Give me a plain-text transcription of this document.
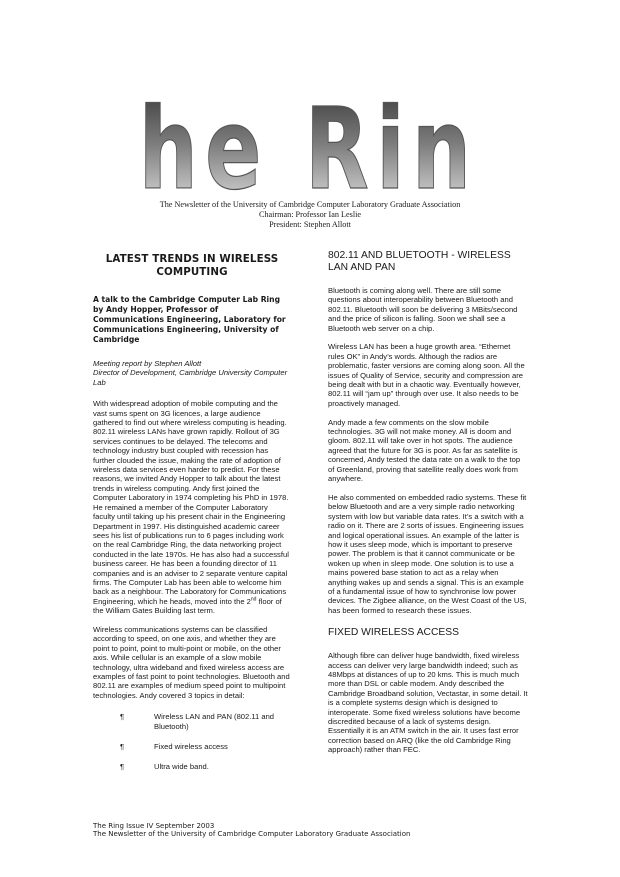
he Rin
The Newsletter of the University of Cambridge Computer Laboratory Graduate Association
Chairman: Professor Ian Leslie
President: Stephen Allott
LATEST TRENDS IN WIRELESS COMPUTING
A talk to the Cambridge Computer Lab Ring by Andy Hopper, Professor of Communications Engineering, Laboratory for Communications Engineering, University of Cambridge
Meeting report by Stephen Allott
Director of Development, Cambridge University Computer Lab

With widespread adoption of mobile computing and the vast sums spent on 3G licences, a large audience gathered to find out where wireless computing is heading. 802.11 wireless LANs have grown rapidly. Rollout of 3G services continues to be delayed. The telecoms and technology industry bust coupled with recession has further clouded the issue, making the rate of adoption of wireless data services even harder to predict. For these reasons, we invited Andy Hopper to talk about the latest trends in wireless computing. Andy first joined the Computer Laboratory in 1974 completing his PhD in 1978. He remained a member of the Computer Laboratory faculty until taking up his present chair in the Engineering Department in 1997. His distinguished academic career sees his list of publications run to 6 pages including work on the real Cambridge Ring, the data networking project conducted in the late 1970s. He has also had a successful business career. He has been a founding director of 11 companies and is an adviser to 2 separate venture capital firms. The Computer Lab has been able to welcome him back as a neighbour. The Laboratory for Communications Engineering, which he heads, moved into the 2nd floor of the William Gates Building last term.

Wireless communications systems can be classified according to speed, on one axis, and whether they are point to point, point to multi-point or mobile, on the other axis. While cellular is an example of a slow mobile technology, ultra wideband and fixed wireless access are examples of fast point to point technologies. Bluetooth and 802.11 are examples of medium speed point to multipoint technologies. Andy covered 3 topics in detail:

¶	Wireless LAN and PAN (802.11 and Bluetooth)
¶	Fixed wireless access
¶	Ultra wide band.
802.11 AND BLUETOOTH - WIRELESS LAN AND PAN

Bluetooth is coming along well. There are still some questions about interoperability between Bluetooth and 802.11. Bluetooth will soon be delivering 3 MBits/second and the price of silicon is falling. Soon we shall see a Bluetooth web server on a chip.

Wireless LAN has been a huge growth area. “Ethernet rules OK” in Andy’s words. Although the radios are problematic, faster versions are coming along soon. All the issues of Quality of Service, security and compression are being dealt with but in a chaotic way. Eventually however, 802.11 will “jam up” through over use. It also needs to be proactively managed.

Andy made a few comments on the slow mobile technologies. 3G will not make money. All is doom and gloom. 802.11 will take over in hot spots. The audience agreed that the future for 3G is poor. As far as satellite is concerned, Andy tested the data rate on a walk to the top of Greenland, proving that satellite really does work from anywhere.

He also commented on embedded radio systems. These fit below Bluetooth and are a very simple radio networking system with low but variable data rates. It’s a switch with a radio on it. There are 2 sorts of issues. Engineering issues and logical operational issues. An example of the latter is how it uses sleep mode, which is important to preserve power. The problem is that it cannot communicate or be woken up when in sleep mode. One solution is to use a mains powered base station to act as a relay when anything wakes up and sends a signal. This is an example of a fundamental issue of how to synchronise low power devices. The Zigbee alliance, on the West Coast of the US, has been formed to research these issues.

FIXED WIRELESS ACCESS

Although fibre can deliver huge bandwidth, fixed wireless access can deliver very large bandwidth indeed; such as 48Mbps at distances of up to 20 kms. This is much much more than DSL or cable modem. Andy described the Cambridge Broadband solution, Vectastar, in some detail. It is a complete systems design which is designed to interoperate. Some fixed wireless solutions have become discredited because of a lack of systems design. Essentially it is an ATM switch in the air. It uses fast error correction based on ARQ (like the old Cambridge Ring approach) rather than FEC.

The Ring Issue IV September 2003
The Newsletter of the University of Cambridge Computer Laboratory Graduate Association
